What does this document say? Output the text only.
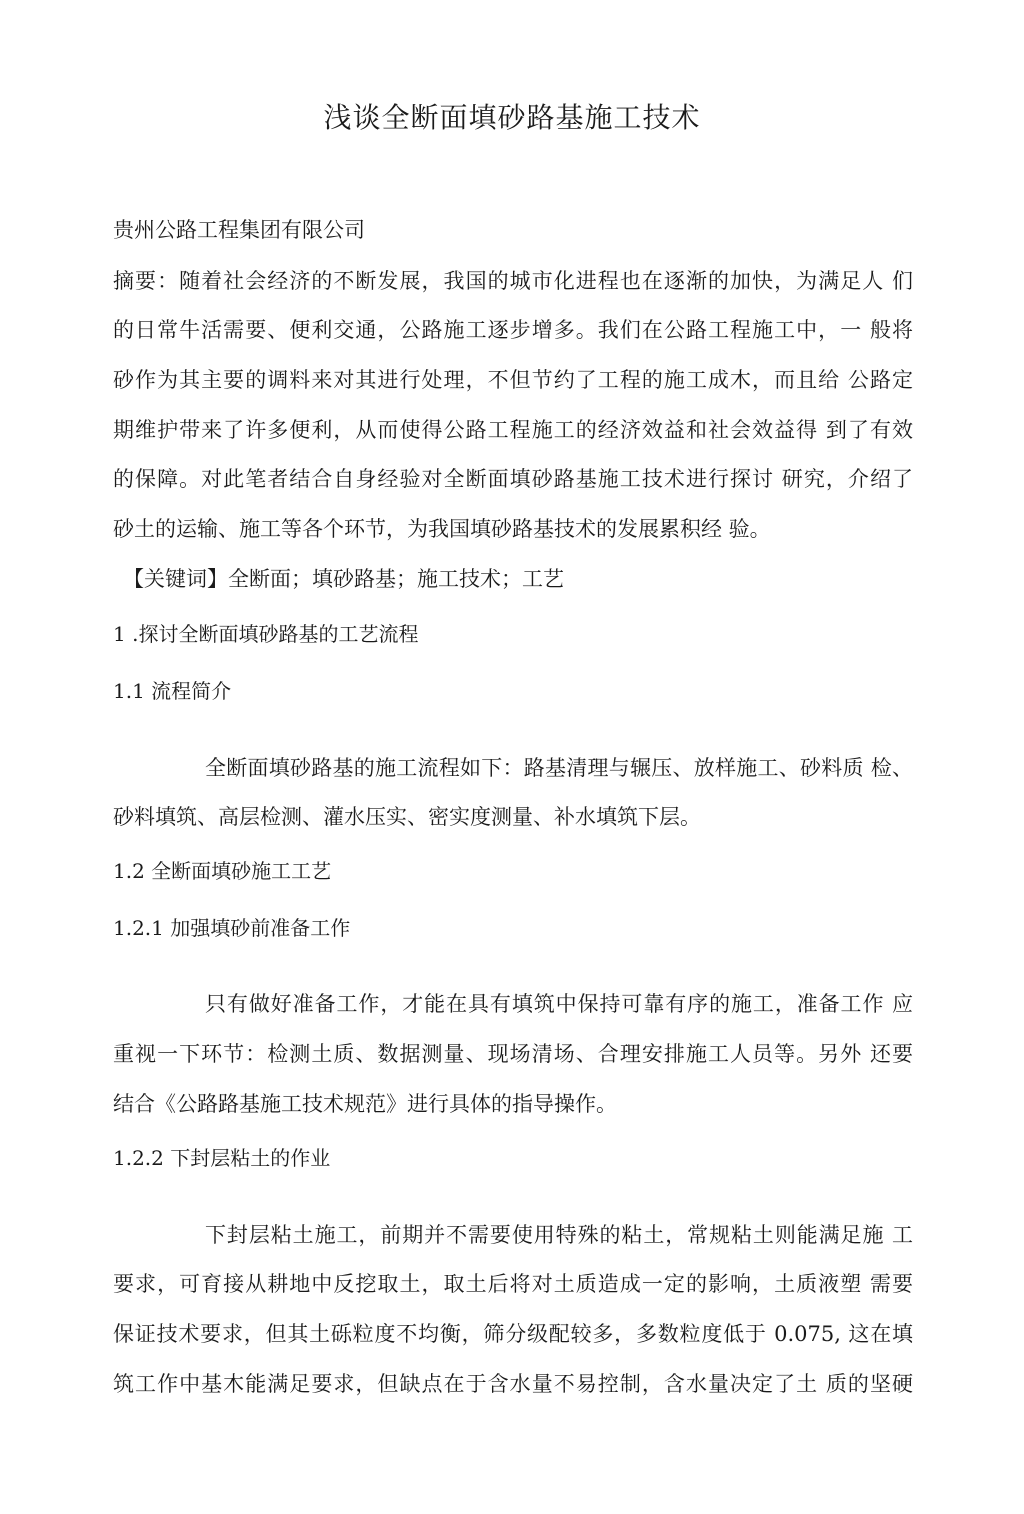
浅谈全断面填砂路基施工技术

贵州公路工程集团有限公司

摘要：随着社会经济的不断发展，我国的城市化进程也在逐渐的加快，为满足人 们

的日常牛活需要、便利交通，公路施工逐步增多。我们在公路工程施工中，一 般将

砂作为其主要的调料来对其进行处理，不但节约了工程的施工成木，而且给 公路定

期维护带来了许多便利，从而使得公路工程施工的经济效益和社会效益得 到了有效

的保障。对此笔者结合自身经验对全断面填砂路基施工技术进行探讨 研究，介绍了

砂土的运输、施工等各个环节，为我国填砂路基技术的发展累积经 验。

【关键词】全断面；填砂路基；施工技术；工艺

1 .探讨全断面填砂路基的工艺流程

1.1 流程简介

全断面填砂路基的施工流程如下：路基清理与辗压、放样施工、砂料质 检、

砂料填筑、高层检测、灌水压实、密实度测量、补水填筑下层。

1.2 全断面填砂施工工艺

1.2.1 加强填砂前准备工作

只有做好准备工作，才能在具有填筑中保持可靠有序的施工，准备工作 应

重视一下环节：检测土质、数据测量、现场清场、合理安排施工人员等。另外 还要

结合《公路路基施工技术规范》进行具体的指导操作。

1.2.2 下封层粘土的作业

下封层粘土施工，前期并不需要使用特殊的粘土，常规粘土则能满足施 工

要求，可育接从耕地中反挖取土，取土后将对土质造成一定的影响，土质液塑 需要

保证技术要求，但其土砾粒度不均衡，筛分级配较多，多数粒度低于 0.075, 这在填

筑工作中基木能满足要求，但缺点在于含水量不易控制，含水量决定了土 质的坚硬
